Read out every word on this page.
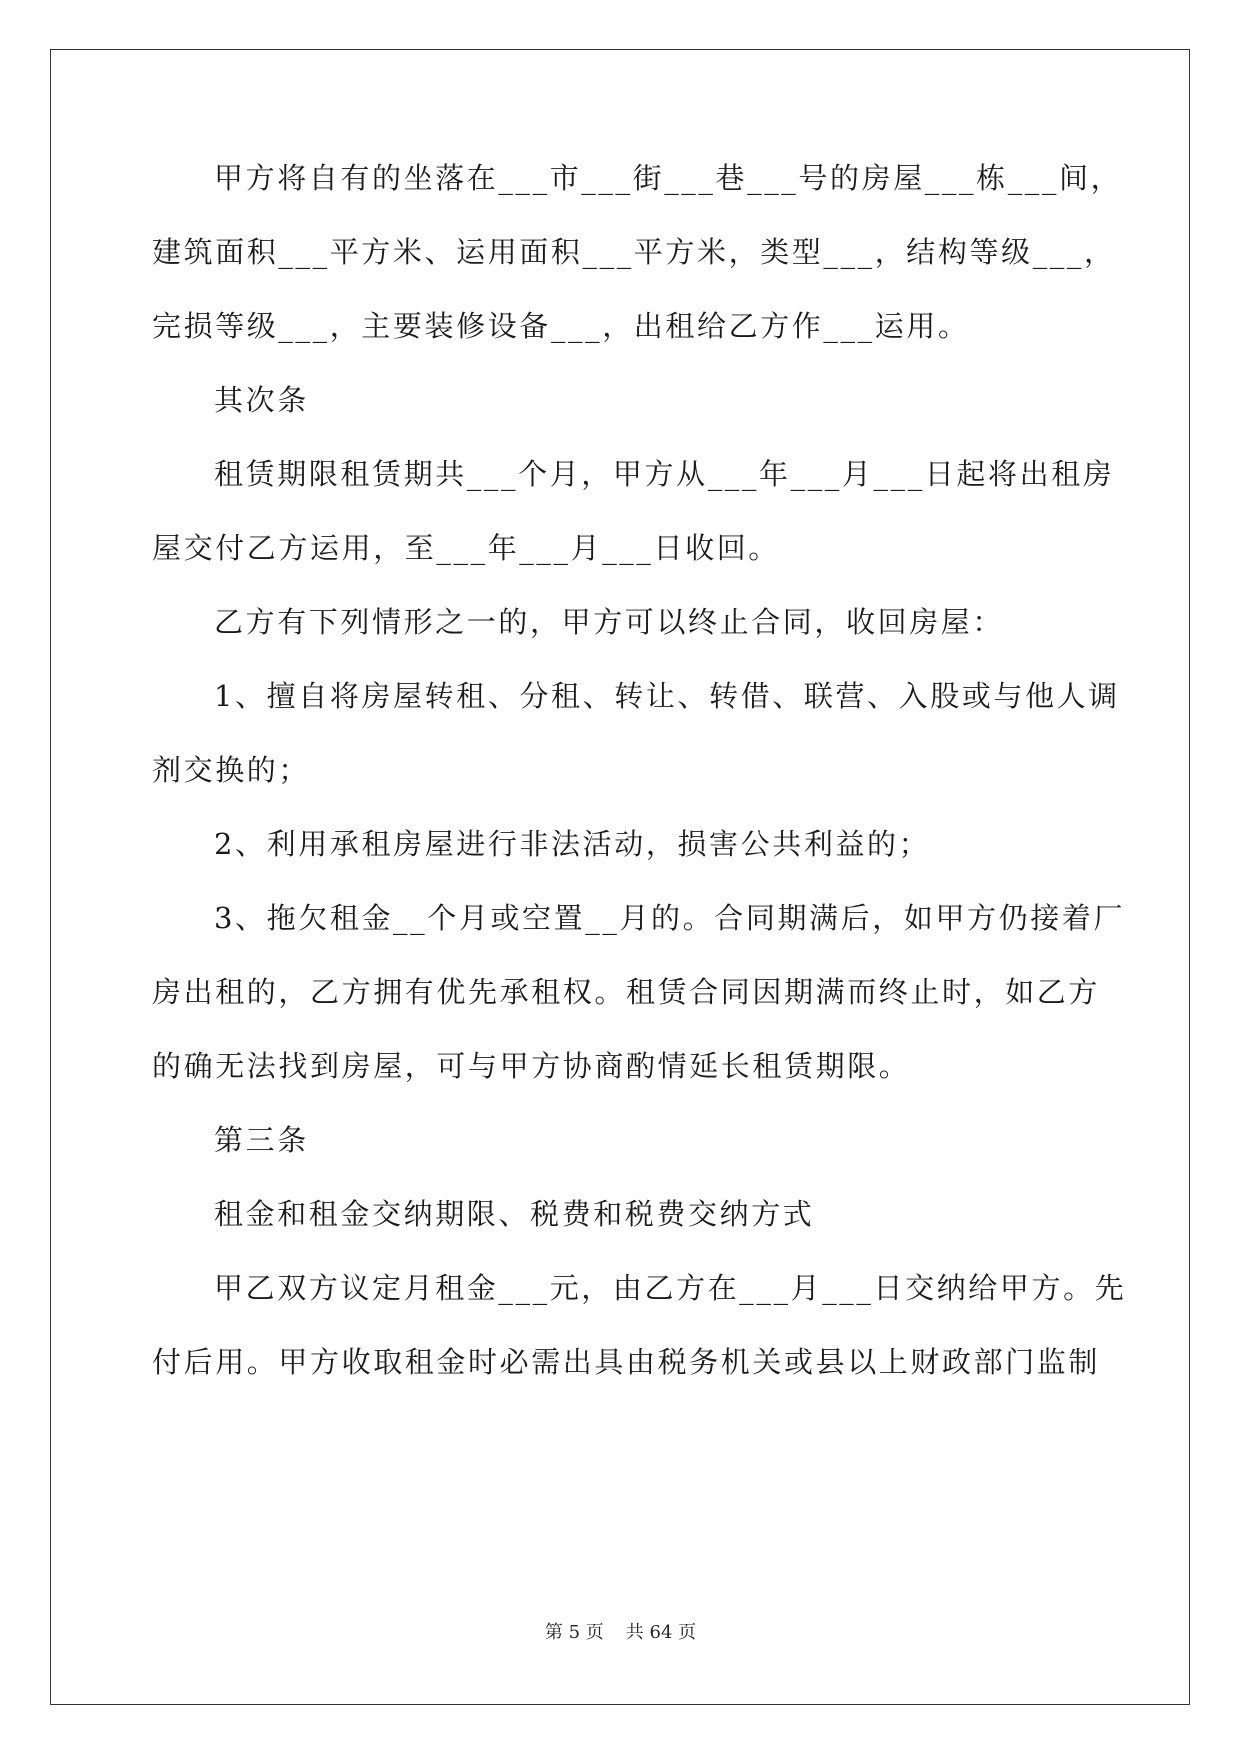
甲方将自有的坐落在___市___街___巷___号的房屋___栋___间，
建筑面积___平方米、运用面积___平方米，类型___，结构等级___，
完损等级___，主要装修设备___，出租给乙方作___运用。
其次条
租赁期限租赁期共___个月，甲方从___年___月___日起将出租房
屋交付乙方运用，至___年___月___日收回。
乙方有下列情形之一的，甲方可以终止合同，收回房屋：
1、擅自将房屋转租、分租、转让、转借、联营、入股或与他人调
剂交换的；
2、利用承租房屋进行非法活动，损害公共利益的；
3、拖欠租金__个月或空置__月的。合同期满后，如甲方仍接着厂
房出租的，乙方拥有优先承租权。租赁合同因期满而终止时，如乙方
的确无法找到房屋，可与甲方协商酌情延长租赁期限。
第三条
租金和租金交纳期限、税费和税费交纳方式
甲乙双方议定月租金___元，由乙方在___月___日交纳给甲方。先
付后用。甲方收取租金时必需出具由税务机关或县以上财政部门监制
第 5 页 共 64 页
